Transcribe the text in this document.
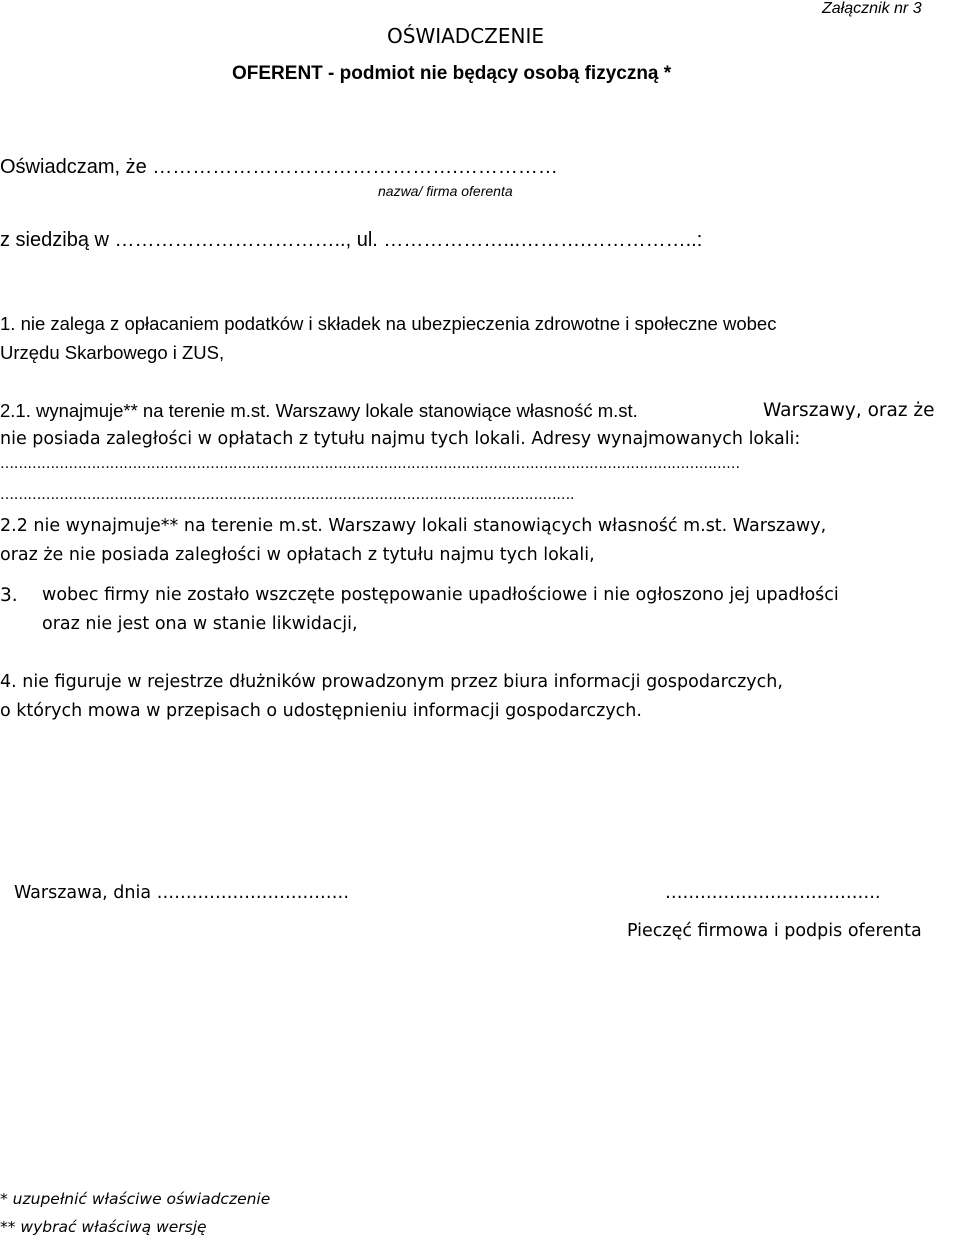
Załącznik nr 3
OŚWIADCZENIE
OFERENT - podmiot nie będący osobą fizyczną *
Oświadczam, że ……………………………………….……………
nazwa/ firma oferenta
z siedzibą w …………………………….., ul. ………………...……….……………..:
1. nie zalega z opłacaniem podatków i składek na ubezpieczenia zdrowotne i społeczne wobec
Urzędu Skarbowego i ZUS,
2.1. wynajmuje** na terenie m.st. Warszawy lokale stanowiące własność m.st.	Warszawy, oraz że
nie posiada zaległości w opłatach z tytułu najmu tych lokali. Adresy wynajmowanych lokali:
………………………………………………………………………………………………………………………………………………
……………………………………………………………………………………………..……………….
2.2 nie wynajmuje** na terenie m.st. Warszawy lokali stanowiących własność m.st. Warszawy,
oraz że nie posiada zaległości w opłatach z tytułu najmu tych lokali,
3. wobec firmy nie zostało wszczęte postępowanie upadłościowe i nie ogłoszono jej upadłości
oraz nie jest ona w stanie likwidacji,
4. nie figuruje w rejestrze dłużników prowadzonym przez biura informacji gospodarczych,
o których mowa w przepisach o udostępnieniu informacji gospodarczych.
Warszawa, dnia ……………………………	……………………………….
Pieczęć firmowa i podpis oferenta
* uzupełnić właściwe oświadczenie
** wybrać właściwą wersję
